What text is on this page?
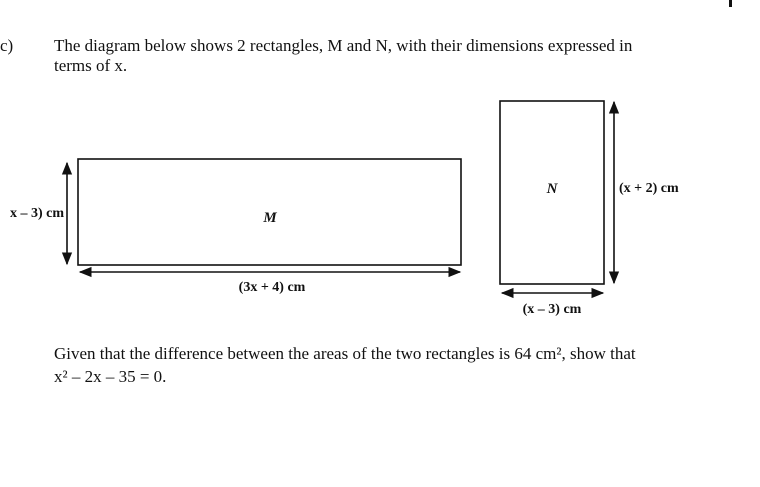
c) The diagram below shows 2 rectangles, M and N, with their dimensions expressed in
terms of x.
M
x – 3) cm
(3x + 4) cm
N	(x + 2) cm
(x – 3) cm
Given that the difference between the areas of the two rectangles is 64 cm², show that
x² – 2x – 35 = 0.
